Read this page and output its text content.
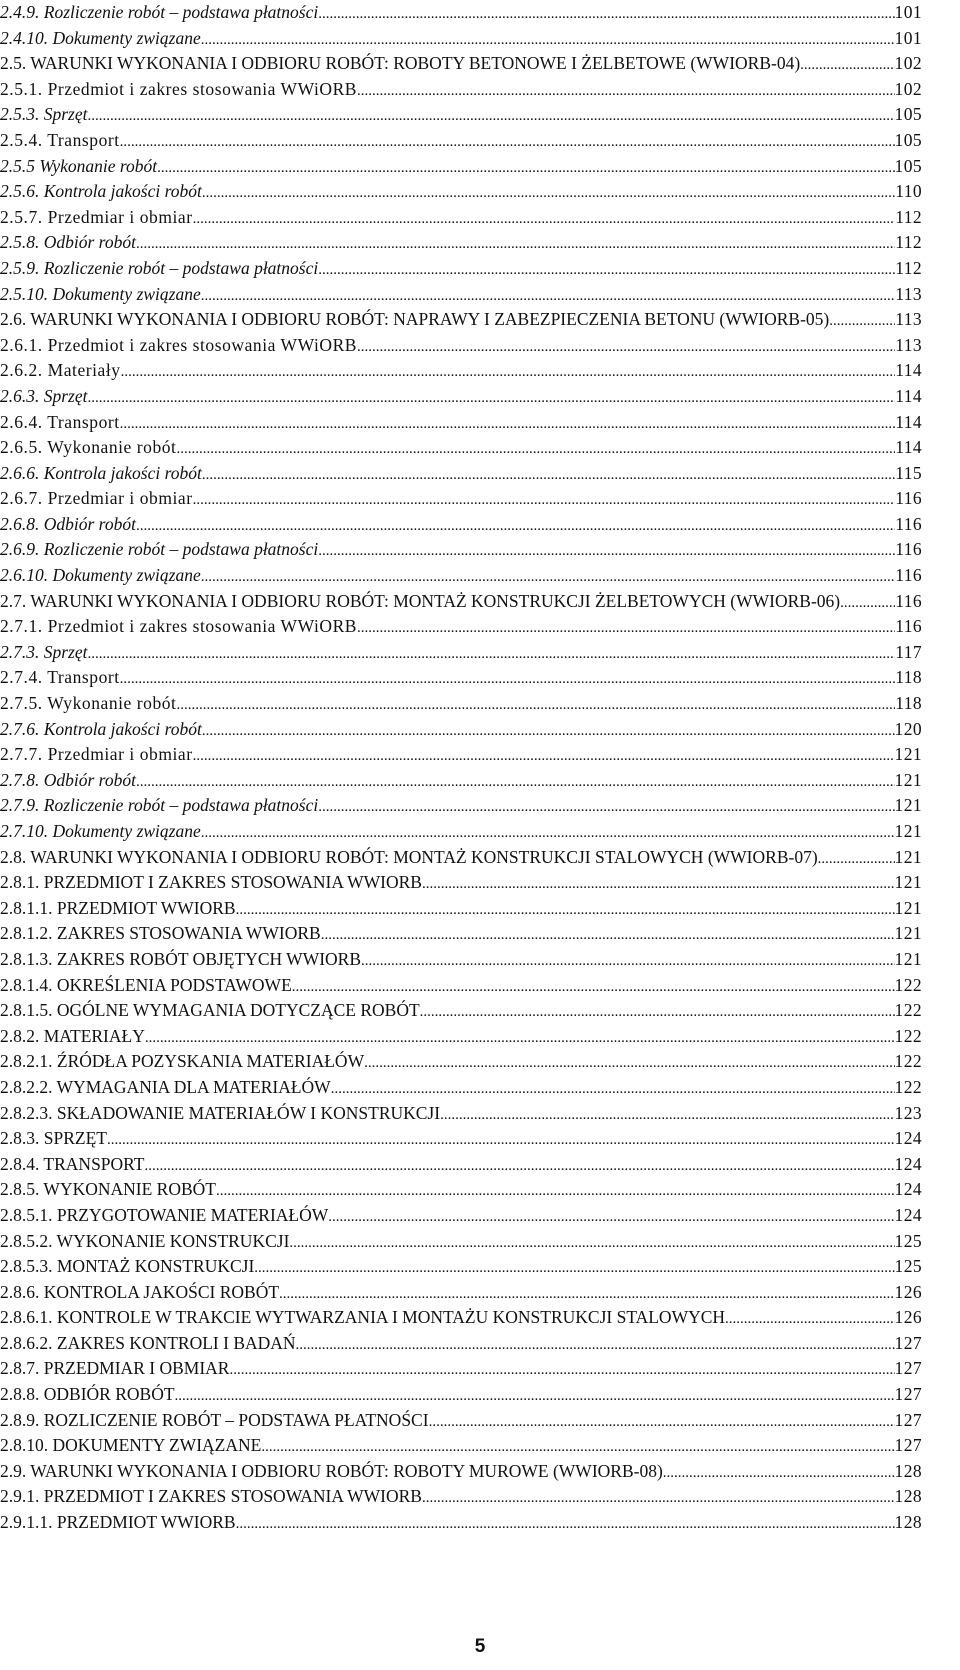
2.4.9. Rozliczenie robót – podstawa płatności .....	101
2.4.10. Dokumenty związane .....	101
2.5. WARUNKI WYKONANIA I ODBIORU ROBÓT: ROBOTY BETONOWE I ŻELBETOWE (WWIORB-04) .....	102
2.5.1. Przedmiot i zakres stosowania WWiORB .....	102
2.5.3. Sprzęt .....	105
2.5.4. Transport .....	105
2.5.5 Wykonanie robót .....	105
2.5.6. Kontrola jakości robót .....	110
2.5.7. Przedmiar i obmiar .....	112
2.5.8. Odbiór robót .....	112
2.5.9. Rozliczenie robót – podstawa płatności .....	112
2.5.10. Dokumenty związane .....	113
2.6. WARUNKI WYKONANIA I ODBIORU ROBÓT: NAPRAWY I ZABEZPIECZENIA BETONU (WWIORB-05) .....	113
2.6.1. Przedmiot i zakres stosowania WWiORB .....	113
2.6.2. Materiały .....	114
2.6.3. Sprzęt .....	114
2.6.4. Transport .....	114
2.6.5. Wykonanie robót .....	114
2.6.6. Kontrola jakości robót .....	115
2.6.7. Przedmiar i obmiar .....	116
2.6.8. Odbiór robót .....	116
2.6.9. Rozliczenie robót – podstawa płatności .....	116
2.6.10. Dokumenty związane .....	116
2.7. WARUNKI WYKONANIA I ODBIORU ROBÓT: MONTAŻ KONSTRUKCJI ŻELBETOWYCH (WWIORB-06) .....	116
2.7.1. Przedmiot i zakres stosowania WWiORB .....	116
2.7.3. Sprzęt .....	117
2.7.4. Transport .....	118
2.7.5. Wykonanie robót .....	118
2.7.6. Kontrola jakości robót .....	120
2.7.7. Przedmiar i obmiar .....	121
2.7.8. Odbiór robót .....	121
2.7.9. Rozliczenie robót – podstawa płatności .....	121
2.7.10. Dokumenty związane .....	121
2.8. WARUNKI WYKONANIA I ODBIORU ROBÓT: MONTAŻ KONSTRUKCJI STALOWYCH (WWIORB-07) .....	121
2.8.1. PRZEDMIOT I ZAKRES STOSOWANIA WWIORB .....	121
2.8.1.1. PRZEDMIOT WWIORB .....	121
2.8.1.2. ZAKRES STOSOWANIA WWIORB .....	121
2.8.1.3. ZAKRES ROBÓT OBJĘTYCH WWIORB .....	121
2.8.1.4. OKREŚLENIA PODSTAWOWE .....	122
2.8.1.5. OGÓLNE WYMAGANIA DOTYCZĄCE ROBÓT .....	122
2.8.2. MATERIAŁY .....	122
2.8.2.1. ŹRÓDŁA POZYSKANIA MATERIAŁÓW .....	122
2.8.2.2. WYMAGANIA DLA MATERIAŁÓW .....	122
2.8.2.3. SKŁADOWANIE MATERIAŁÓW I KONSTRUKCJI .....	123
2.8.3. SPRZĘT .....	124
2.8.4. TRANSPORT .....	124
2.8.5. WYKONANIE ROBÓT .....	124
2.8.5.1. PRZYGOTOWANIE MATERIAŁÓW .....	124
2.8.5.2. WYKONANIE KONSTRUKCJI .....	125
2.8.5.3. MONTAŻ KONSTRUKCJI .....	125
2.8.6. KONTROLA JAKOŚCI ROBÓT .....	126
2.8.6.1. KONTROLE W TRAKCIE WYTWARZANIA I MONTAŻU KONSTRUKCJI STALOWYCH .....	126
2.8.6.2. ZAKRES KONTROLI I BADAŃ .....	127
2.8.7. PRZEDMIAR I OBMIAR .....	127
2.8.8. ODBIÓR ROBÓT .....	127
2.8.9. ROZLICZENIE ROBÓT – PODSTAWA PŁATNOŚCI .....	127
2.8.10. DOKUMENTY ZWIĄZANE .....	127
2.9. WARUNKI WYKONANIA I ODBIORU ROBÓT: ROBOTY MUROWE (WWIORB-08) .....	128
2.9.1. PRZEDMIOT I ZAKRES STOSOWANIA WWIORB .....	128
2.9.1.1. PRZEDMIOT WWIORB .....	128
5
